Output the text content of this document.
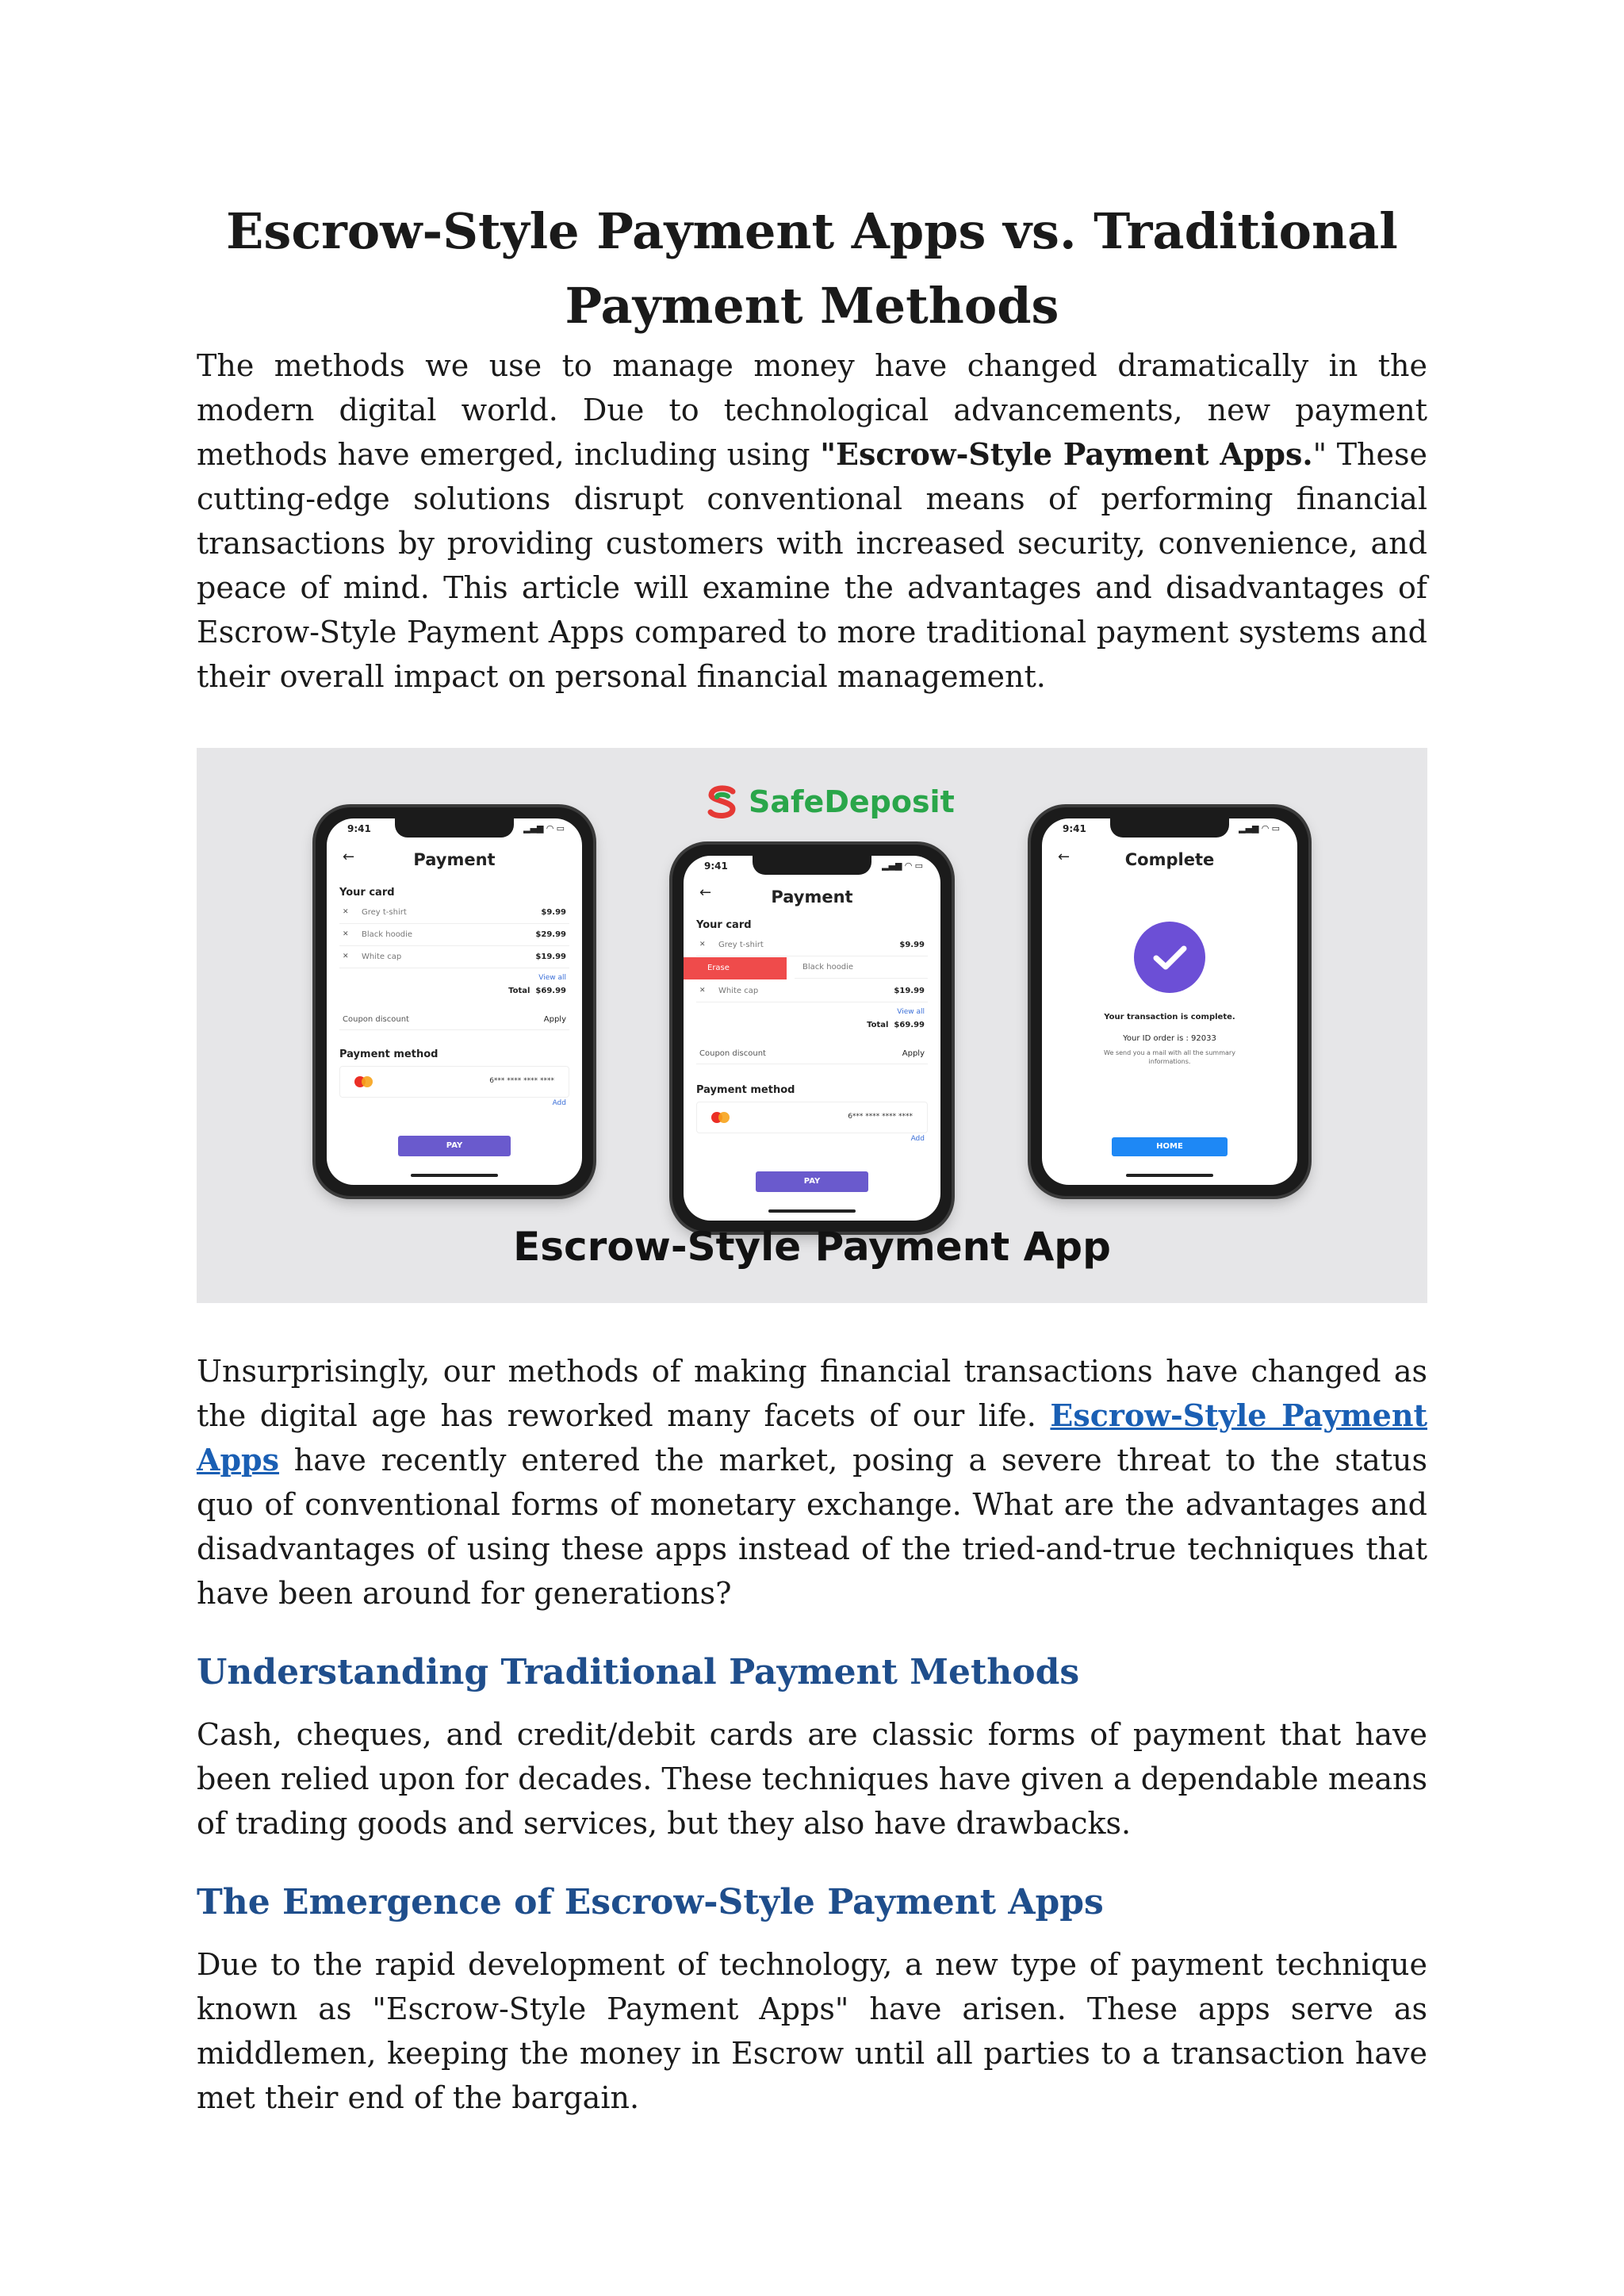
Escrow-Style Payment Apps vs. Traditional Payment Methods

The methods we use to manage money have changed dramatically in the modern digital world. Due to technological advancements, new payment methods have emerged, including using "Escrow-Style Payment Apps." These cutting-edge solutions disrupt conventional means of performing financial transactions by providing customers with increased security, convenience, and peace of mind. This article will examine the advantages and disadvantages of Escrow-Style Payment Apps compared to more traditional payment systems and their overall impact on personal financial management.

SafeDeposit
9:41	▂▄▆ ◠ ▭
←	Payment
Your card
✕ Grey t-shirt	$9.99
✕ Black hoodie	$29.99
✕ White cap	$19.99
View all
Total $69.99
Coupon discount	Apply
Payment method
6*** **** **** ****
Add
PAY
9:41	▂▄▆ ◠ ▭
←	Payment
Your card
✕ Grey t-shirt	$9.99
Erase	Black hoodie
✕ White cap	$19.99
View all
Total $69.99
Coupon discount	Apply
Payment method
6*** **** **** ****
Add
PAY
9:41	▂▄▆ ◠ ▭
←	Complete
Your transaction is complete.
Your ID order is : 92033
We send you a mail with all the summary informations.
HOME
Escrow-Style Payment App

Unsurprisingly, our methods of making financial transactions have changed as the digital age has reworked many facets of our life. Escrow-Style Payment Apps have recently entered the market, posing a severe threat to the status quo of conventional forms of monetary exchange. What are the advantages and disadvantages of using these apps instead of the tried-and-true techniques that have been around for generations?

Understanding Traditional Payment Methods

Cash, cheques, and credit/debit cards are classic forms of payment that have been relied upon for decades. These techniques have given a dependable means of trading goods and services, but they also have drawbacks.

The Emergence of Escrow-Style Payment Apps

Due to the rapid development of technology, a new type of payment technique known as "Escrow-Style Payment Apps" have arisen. These apps serve as middlemen, keeping the money in Escrow until all parties to a transaction have met their end of the bargain.
